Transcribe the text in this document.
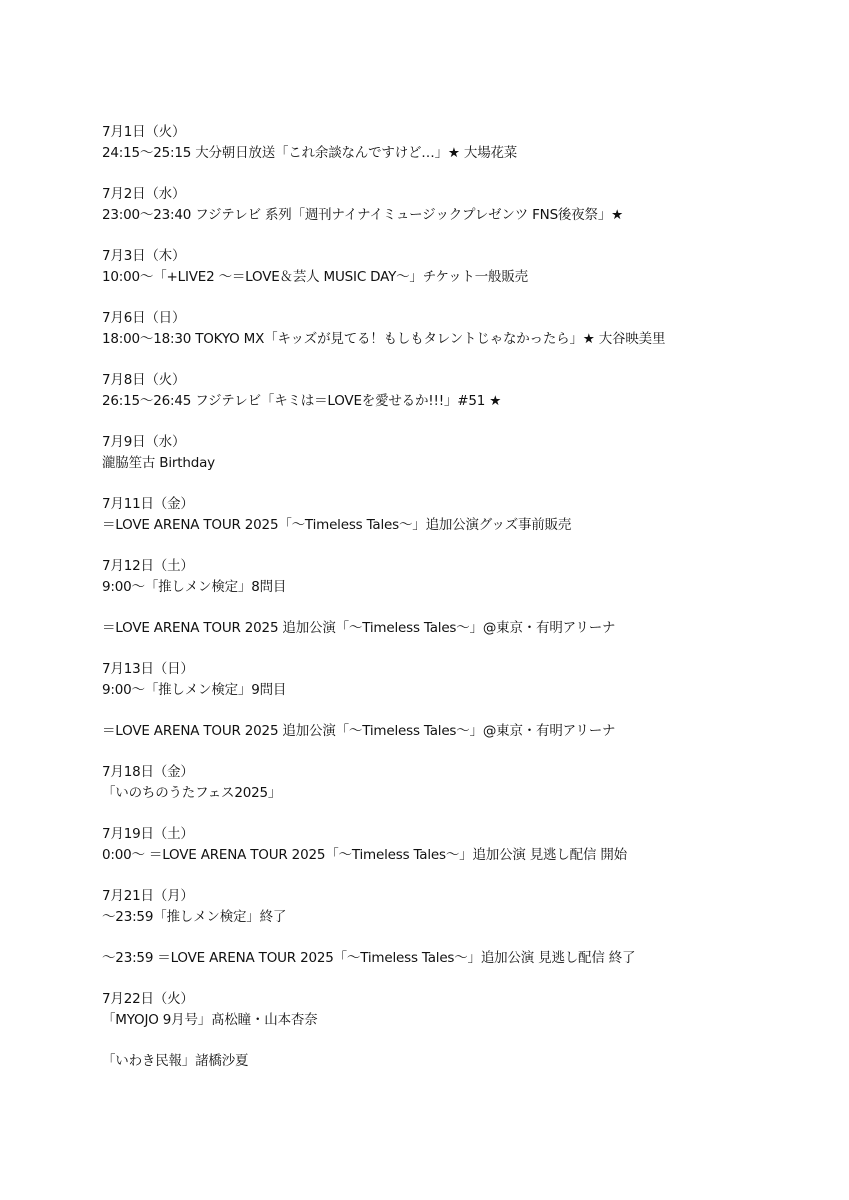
7月1日（火）
24:15〜25:15 大分朝日放送「これ余談なんですけど…」★ 大場花菜
7月2日（水）
23:00〜23:40 フジテレビ 系列「週刊ナイナイミュージックプレゼンツ FNS後夜祭」★
7月3日（木）
10:00〜「+LIVE2 〜＝LOVE＆芸人 MUSIC DAY〜」チケット一般販売
7月6日（日）
18:00〜18:30 TOKYO MX「キッズが見てる！もしもタレントじゃなかったら」★ 大谷映美里
7月8日（火）
26:15〜26:45 フジテレビ「キミは＝LOVEを愛せるか!!!」#51 ★
7月9日（水）
瀧脇笙古 Birthday
7月11日（金）
＝LOVE ARENA TOUR 2025「〜Timeless Tales〜」追加公演グッズ事前販売
7月12日（土）
9:00〜「推しメン検定」8問目
＝LOVE ARENA TOUR 2025 追加公演「〜Timeless Tales〜」@東京・有明アリーナ
7月13日（日）
9:00〜「推しメン検定」9問目
＝LOVE ARENA TOUR 2025 追加公演「〜Timeless Tales〜」@東京・有明アリーナ
7月18日（金）
「いのちのうたフェス2025」
7月19日（土）
0:00〜 ＝LOVE ARENA TOUR 2025「〜Timeless Tales〜」追加公演 見逃し配信 開始
7月21日（月）
〜23:59「推しメン検定」終了
〜23:59 ＝LOVE ARENA TOUR 2025「〜Timeless Tales〜」追加公演 見逃し配信 終了
7月22日（火）
「MYOJO 9月号」髙松瞳・山本杏奈
「いわき民報」諸橋沙夏
